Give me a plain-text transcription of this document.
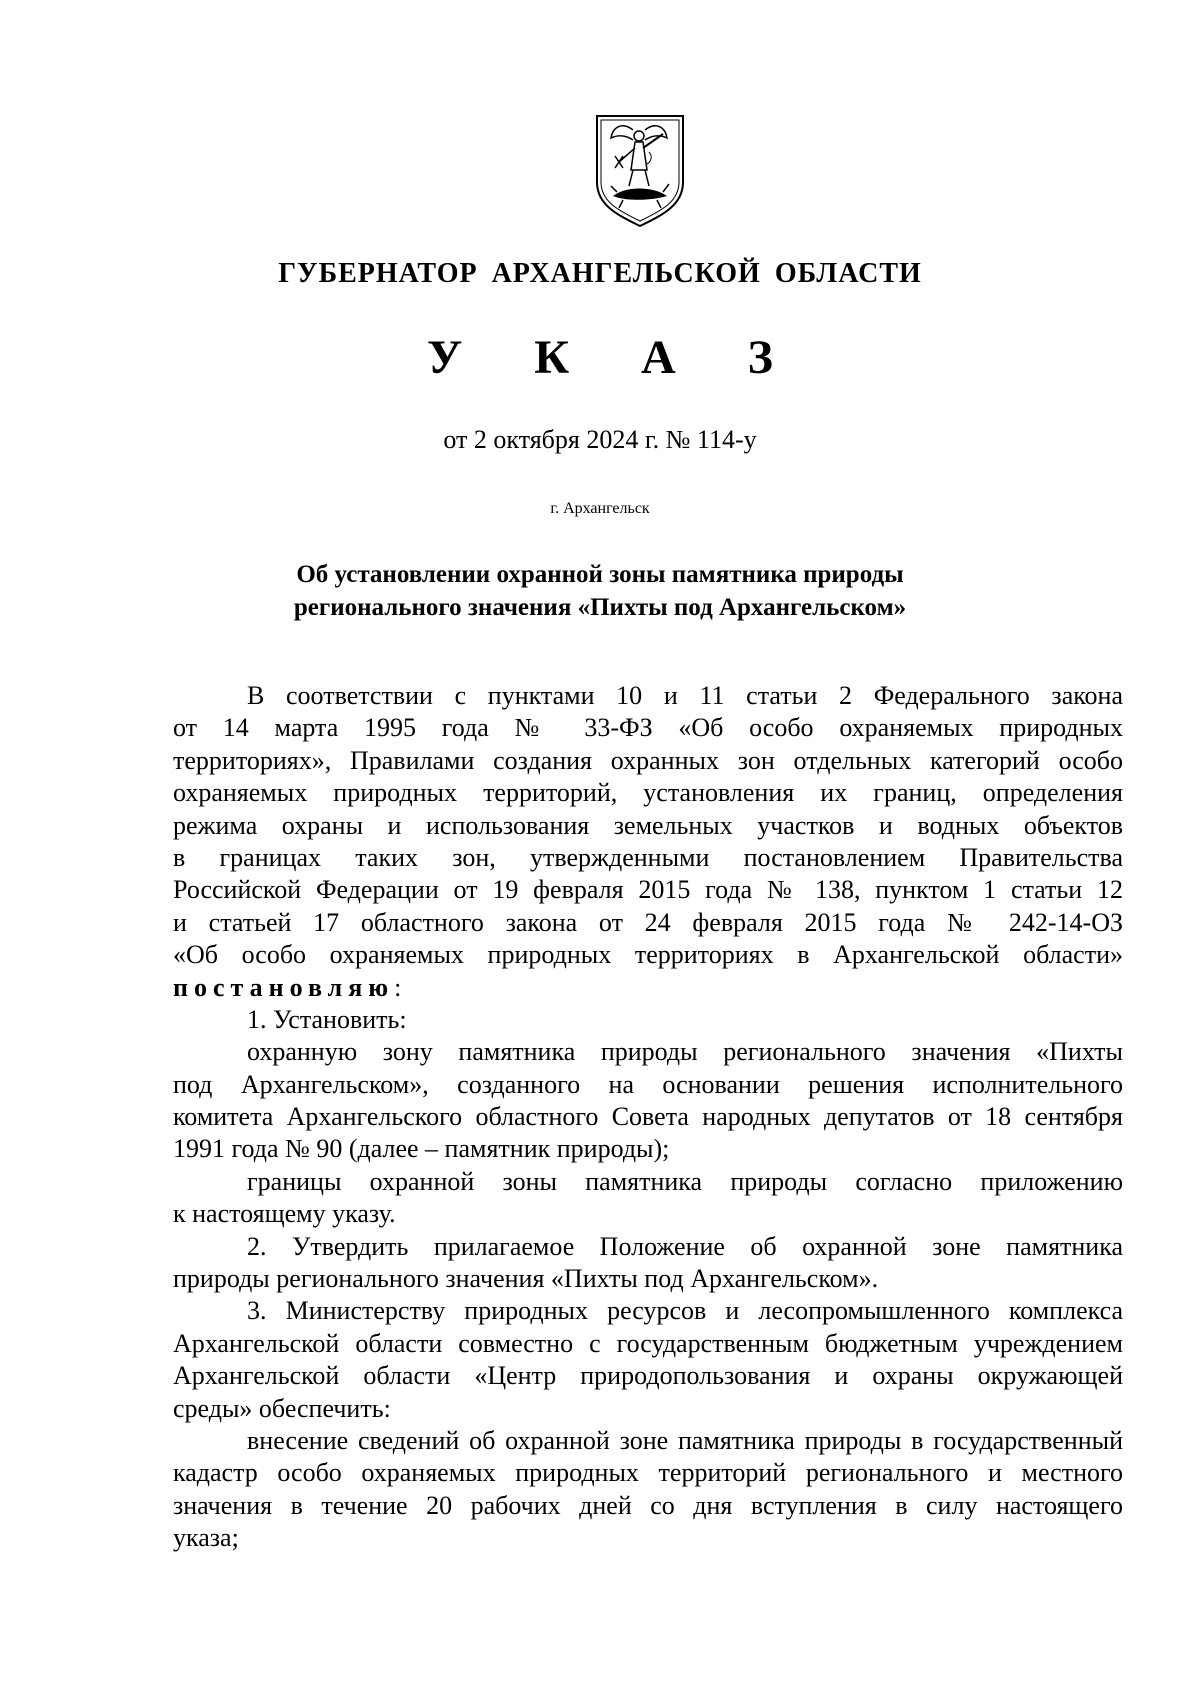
ГУБЕРНАТОР АРХАНГЕЛЬСКОЙ ОБЛАСТИ
У К А З
от 2 октября 2024 г. № 114-у
г. Архангельск
Об установлении охранной зоны памятника природы
регионального значения «Пихты под Архангельском»
В соответствии с пунктами 10 и 11 статьи 2 Федерального закона
от 14 марта 1995 года № 33-ФЗ «Об особо охраняемых природных
территориях», Правилами создания охранных зон отдельных категорий особо
охраняемых природных территорий, установления их границ, определения
режима охраны и использования земельных участков и водных объектов
в границах таких зон, утвержденными постановлением Правительства
Российской Федерации от 19 февраля 2015 года № 138, пунктом 1 статьи 12
и статьей 17 областного закона от 24 февраля 2015 года № 242-14-ОЗ
«Об особо охраняемых природных территориях в Архангельской области»
постановляю:
1. Установить:
охранную зону памятника природы регионального значения «Пихты
под Архангельском», созданного на основании решения исполнительного
комитета Архангельского областного Совета народных депутатов от 18 сентября
1991 года № 90 (далее – памятник природы);
границы охранной зоны памятника природы согласно приложению
к настоящему указу.
2. Утвердить прилагаемое Положение об охранной зоне памятника
природы регионального значения «Пихты под Архангельском».
3. Министерству природных ресурсов и лесопромышленного комплекса
Архангельской области совместно с государственным бюджетным учреждением
Архангельской области «Центр природопользования и охраны окружающей
среды» обеспечить:
внесение сведений об охранной зоне памятника природы в государственный
кадастр особо охраняемых природных территорий регионального и местного
значения в течение 20 рабочих дней со дня вступления в силу настоящего
указа;
